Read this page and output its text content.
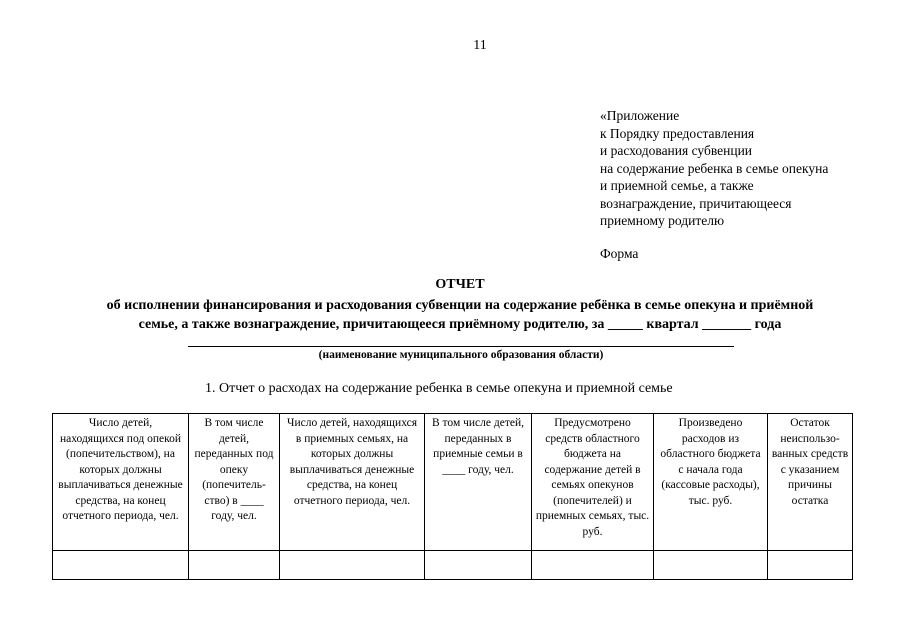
11
«Приложение
к Порядку предоставления
и расходования субвенции
на содержание ребенка в семье опекуна
и приемной семье, а также
вознаграждение, причитающееся
приемному родителю
Форма
ОТЧЕТ
об исполнении финансирования и расходования субвенции на содержание ребёнка в семье опекуна и приёмной
семье, а также вознаграждение, причитающееся приёмному родителю, за _____ квартал _______ года
(наименование муниципального образования области)
1. Отчет о расходах на содержание ребенка в семье опекуна и приемной семье
Число детей, находящихся под опекой (попечительством), на которых должны выплачиваться денежные средства, на конец отчетного периода, чел.	В том числе детей, переданных под опеку (попечитель-ство) в ____ году, чел.	Число детей, находящихся в приемных семьях, на которых должны выплачиваться денежные средства, на конец отчетного периода, чел.	В том числе детей, переданных в приемные семьи в ____ году, чел.	Предусмотрено средств областного бюджета на содержание детей в семьях опекунов (попечителей) и приемных семьях, тыс. руб.	Произведено расходов из областного бюджета с начала года (кассовые расходы), тыс. руб.	Остаток неиспользо-ванных средств с указанием причины остатка
